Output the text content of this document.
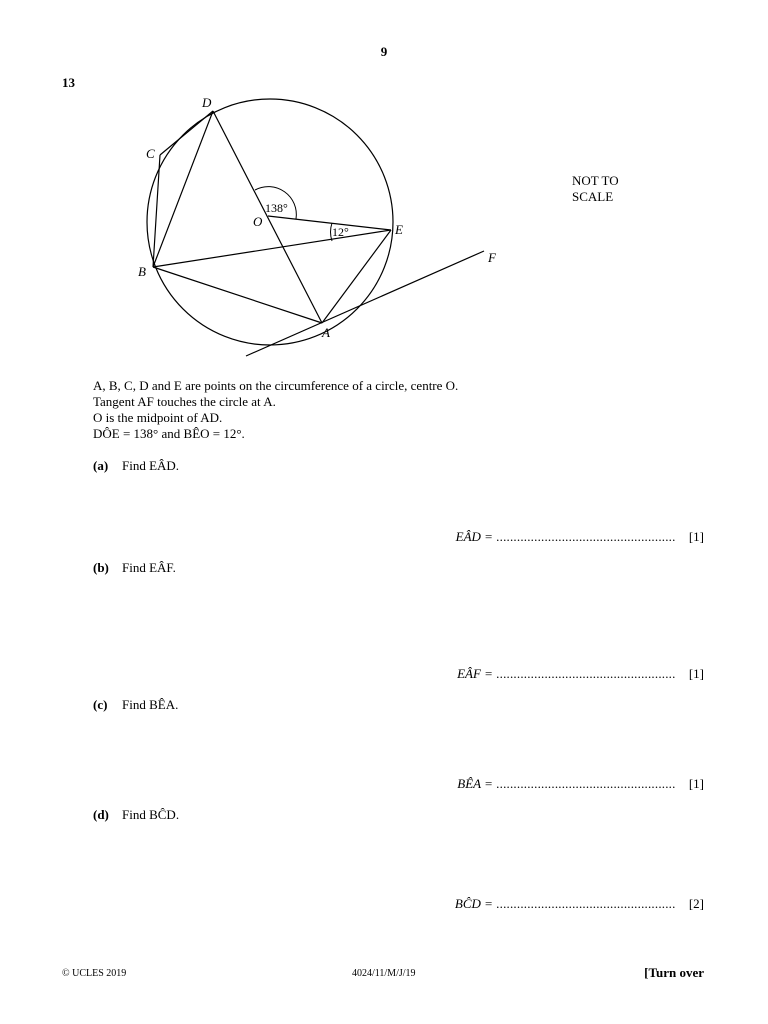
9
13
138°
12°
D
C
B
A
E
F
O
NOT TO
SCALE
A, B, C, D and E are points on the circumference of a circle, centre O.
Tangent AF touches the circle at A.
O is the midpoint of AD.
DÔE = 138° and BÊO = 12°.
(a) Find EÂD.
EÂD = .................................................... [1]
(b) Find EÂF.
EÂF = .................................................... [1]
(c) Find BÊA.
BÊA = .................................................... [1]
(d) Find BĈD.
BĈD = .................................................... [2]
© UCLES 2019	4024/11/M/J/19	[Turn over
